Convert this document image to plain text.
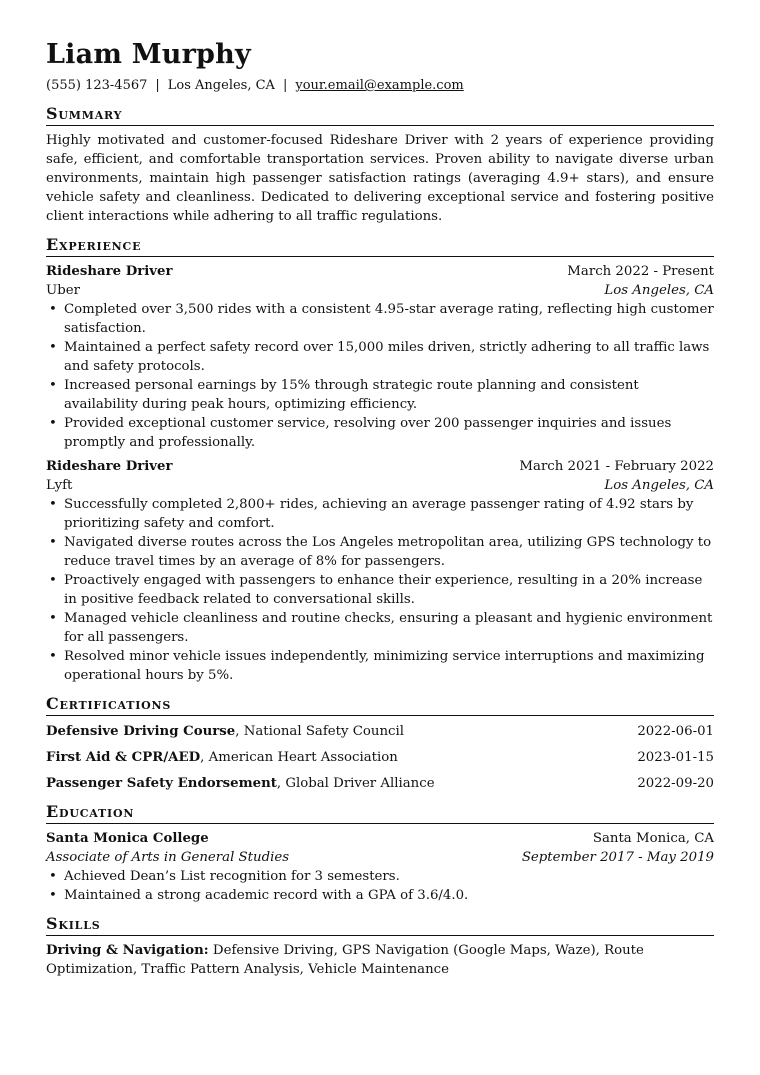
Liam Murphy
(555) 123-4567 | Los Angeles, CA | your.email@example.com
Summary
Highly motivated and customer-focused Rideshare Driver with 2 years of experience providing safe, efficient, and comfortable transportation services. Proven ability to navigate diverse urban environments, maintain high passenger satisfaction ratings (averaging 4.9+ stars), and ensure vehicle safety and cleanliness. Dedicated to delivering exceptional service and fostering positive client interactions while adhering to all traffic regulations.
Experience
Rideshare Driver	March 2022 - Present
Uber	Los Angeles, CA
• Completed over 3,500 rides with a consistent 4.95-star average rating, reflecting high customer satisfaction.
• Maintained a perfect safety record over 15,000 miles driven, strictly adhering to all traffic laws and safety protocols.
• Increased personal earnings by 15% through strategic route planning and consistent availability during peak hours, optimizing efficiency.
• Provided exceptional customer service, resolving over 200 passenger inquiries and issues promptly and professionally.
Rideshare Driver	March 2021 - February 2022
Lyft	Los Angeles, CA
• Successfully completed 2,800+ rides, achieving an average passenger rating of 4.92 stars by prioritizing safety and comfort.
• Navigated diverse routes across the Los Angeles metropolitan area, utilizing GPS technology to reduce travel times by an average of 8% for passengers.
• Proactively engaged with passengers to enhance their experience, resulting in a 20% increase in positive feedback related to conversational skills.
• Managed vehicle cleanliness and routine checks, ensuring a pleasant and hygienic environment for all passengers.
• Resolved minor vehicle issues independently, minimizing service interruptions and maximizing operational hours by 5%.
Certifications
Defensive Driving Course, National Safety Council	2022-06-01
First Aid & CPR/AED, American Heart Association	2023-01-15
Passenger Safety Endorsement, Global Driver Alliance	2022-09-20
Education
Santa Monica College	Santa Monica, CA
Associate of Arts in General Studies	September 2017 - May 2019
• Achieved Dean’s List recognition for 3 semesters.
• Maintained a strong academic record with a GPA of 3.6/4.0.
Skills
Driving & Navigation: Defensive Driving, GPS Navigation (Google Maps, Waze), Route Optimization, Traffic Pattern Analysis, Vehicle Maintenance
